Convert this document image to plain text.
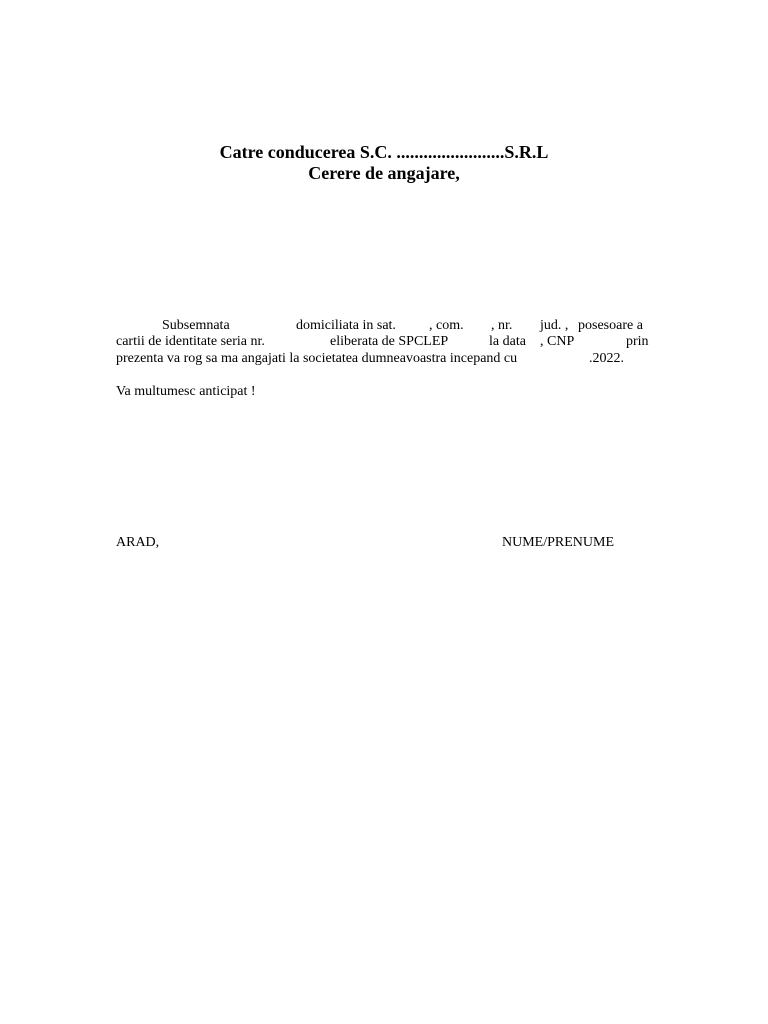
Catre conducerea S.C. ........................S.R.L
Cerere de angajare,
Subsemnata	domiciliata in sat. , com. , nr. jud. , posesoare a
cartii de identitate seria nr.	eliberata de SPCLEP	la data , CNP	prin
prezenta va rog sa ma angajati la societatea dumneavoastra incepand cu	.2022.
Va multumesc anticipat !
ARAD,	NUME/PRENUME
